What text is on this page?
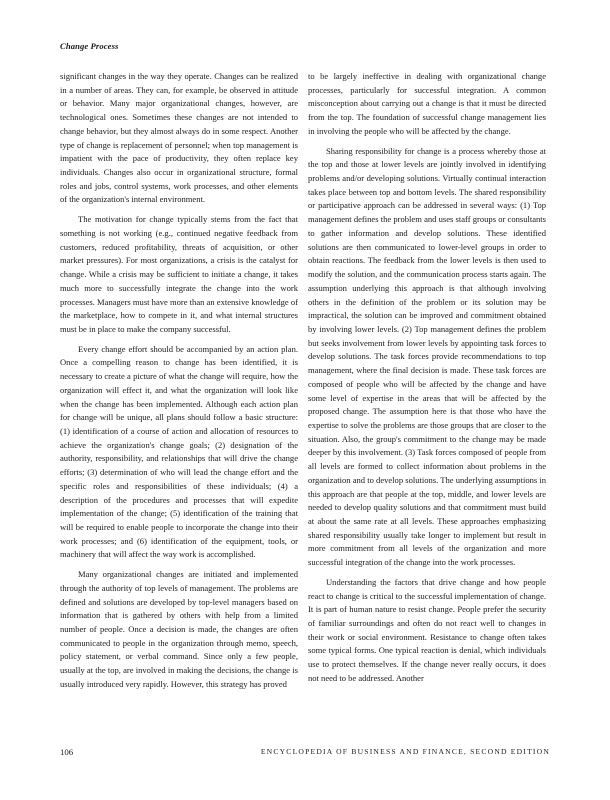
Change Process

significant changes in the way they operate. Changes can be realized in a number of areas. They can, for example, be observed in attitude or behavior. Many major organizational changes, however, are technological ones. Sometimes these changes are not intended to change behavior, but they almost always do in some respect. Another type of change is replacement of personnel; when top management is impatient with the pace of productivity, they often replace key individuals. Changes also occur in organizational structure, formal roles and jobs, control systems, work processes, and other elements of the organization's internal environment.

The motivation for change typically stems from the fact that something is not working (e.g., continued negative feedback from customers, reduced profitability, threats of acquisition, or other market pressures). For most organizations, a crisis is the catalyst for change. While a crisis may be sufficient to initiate a change, it takes much more to successfully integrate the change into the work processes. Managers must have more than an extensive knowledge of the marketplace, how to compete in it, and what internal structures must be in place to make the company successful.

Every change effort should be accompanied by an action plan. Once a compelling reason to change has been identified, it is necessary to create a picture of what the change will require, how the organization will effect it, and what the organization will look like when the change has been implemented. Although each action plan for change will be unique, all plans should follow a basic structure: (1) identification of a course of action and allocation of resources to achieve the organization's change goals; (2) designation of the authority, responsibility, and relationships that will drive the change efforts; (3) determination of who will lead the change effort and the specific roles and responsibilities of these individuals; (4) a description of the procedures and processes that will expedite implementation of the change; (5) identification of the training that will be required to enable people to incorporate the change into their work processes; and (6) identification of the equipment, tools, or machinery that will affect the way work is accomplished.

Many organizational changes are initiated and implemented through the authority of top levels of management. The problems are defined and solutions are developed by top-level managers based on information that is gathered by others with help from a limited number of people. Once a decision is made, the changes are often communicated to people in the organization through memo, speech, policy statement, or verbal command. Since only a few people, usually at the top, are involved in making the decisions, the change is usually introduced very rapidly. However, this strategy has proved

to be largely ineffective in dealing with organizational change processes, particularly for successful integration. A common misconception about carrying out a change is that it must be directed from the top. The foundation of successful change management lies in involving the people who will be affected by the change.

Sharing responsibility for change is a process whereby those at the top and those at lower levels are jointly involved in identifying problems and/or developing solutions. Virtually continual interaction takes place between top and bottom levels. The shared responsibility or participative approach can be addressed in several ways: (1) Top management defines the problem and uses staff groups or consultants to gather information and develop solutions. These identified solutions are then communicated to lower-level groups in order to obtain reactions. The feedback from the lower levels is then used to modify the solution, and the communication process starts again. The assumption underlying this approach is that although involving others in the definition of the problem or its solution may be impractical, the solution can be improved and commitment obtained by involving lower levels. (2) Top management defines the problem but seeks involvement from lower levels by appointing task forces to develop solutions. The task forces provide recommendations to top management, where the final decision is made. These task forces are composed of people who will be affected by the change and have some level of expertise in the areas that will be affected by the proposed change. The assumption here is that those who have the expertise to solve the problems are those groups that are closer to the situation. Also, the group's commitment to the change may be made deeper by this involvement. (3) Task forces composed of people from all levels are formed to collect information about problems in the organization and to develop solutions. The underlying assumptions in this approach are that people at the top, middle, and lower levels are needed to develop quality solutions and that commitment must build at about the same rate at all levels. These approaches emphasizing shared responsibility usually take longer to implement but result in more commitment from all levels of the organization and more successful integration of the change into the work processes.

Understanding the factors that drive change and how people react to change is critical to the successful implementation of change. It is part of human nature to resist change. People prefer the security of familiar surroundings and often do not react well to changes in their work or social environment. Resistance to change often takes some typical forms. One typical reaction is denial, which individuals use to protect themselves. If the change never really occurs, it does not need to be addressed. Another

106	ENCYCLOPEDIA OF BUSINESS AND FINANCE, SECOND EDITION
